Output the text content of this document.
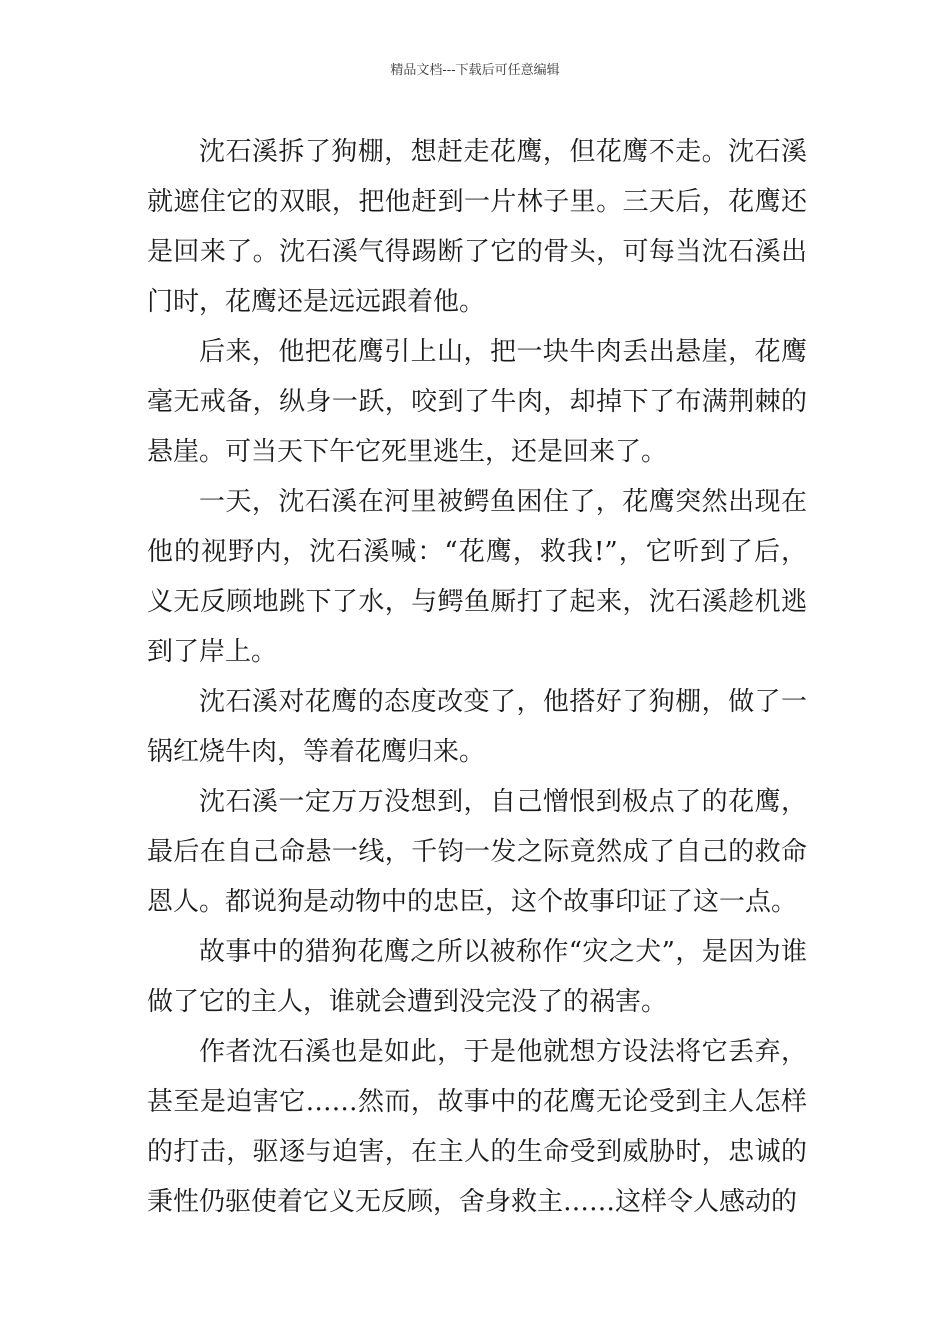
精品文档---下载后可任意编辑

沈石溪拆了狗棚，想赶走花鹰，但花鹰不走。沈石溪就遮住它的双眼，把他赶到一片林子里。三天后，花鹰还是回来了。沈石溪气得踢断了它的骨头，可每当沈石溪出门时，花鹰还是远远跟着他。

后来，他把花鹰引上山，把一块牛肉丢出悬崖，花鹰毫无戒备，纵身一跃，咬到了牛肉，却掉下了布满荆棘的悬崖。可当天下午它死里逃生，还是回来了。

一天，沈石溪在河里被鳄鱼困住了，花鹰突然出现在他的视野内，沈石溪喊：“花鹰，救我!”，它听到了后，义无反顾地跳下了水，与鳄鱼厮打了起来，沈石溪趁机逃到了岸上。

沈石溪对花鹰的态度改变了，他搭好了狗棚，做了一锅红烧牛肉，等着花鹰归来。

沈石溪一定万万没想到，自己憎恨到极点了的花鹰，最后在自己命悬一线，千钧一发之际竟然成了自己的救命恩人。都说狗是动物中的忠臣，这个故事印证了这一点。

故事中的猎狗花鹰之所以被称作“灾之犬”，是因为谁做了它的主人，谁就会遭到没完没了的祸害。

作者沈石溪也是如此，于是他就想方设法将它丢弃，甚至是迫害它……然而，故事中的花鹰无论受到主人怎样的打击，驱逐与迫害，在主人的生命受到威胁时，忠诚的秉性仍驱使着它义无反顾，舍身救主……这样令人感动的
